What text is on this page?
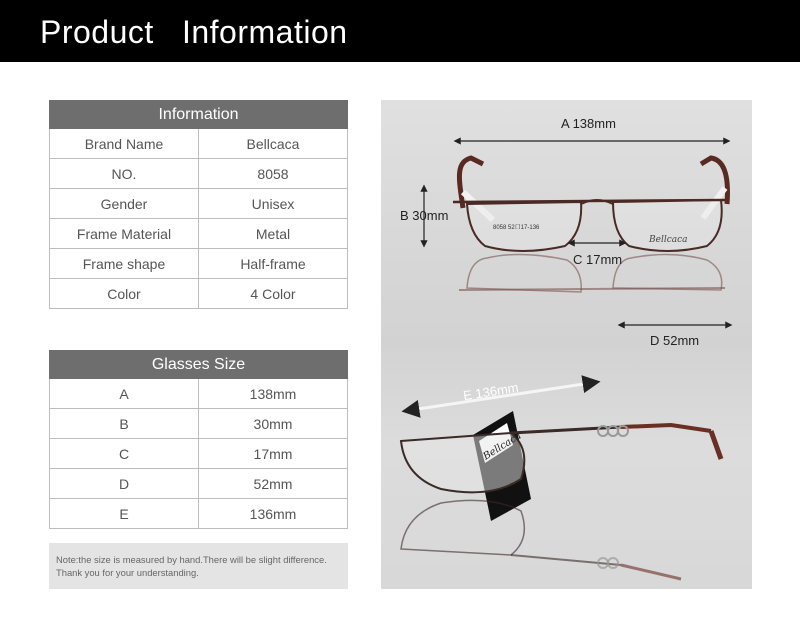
Product   Information
Information	
Brand Name	Bellcaca
NO.	8058
Gender	Unisex
Frame Material	Metal
Frame shape	Half-frame
Color	4 Color
Glasses Size	
A	138mm
B	30mm
C	17mm
D	52mm
E	136mm
Note:the size is measured by hand.There will be slight difference.
Thank you for your understanding.
A 138mm
B 30mm
C 17mm
D 52mm
Bellcaca
8058 52口17-136
E 136mm
Bellcaca
